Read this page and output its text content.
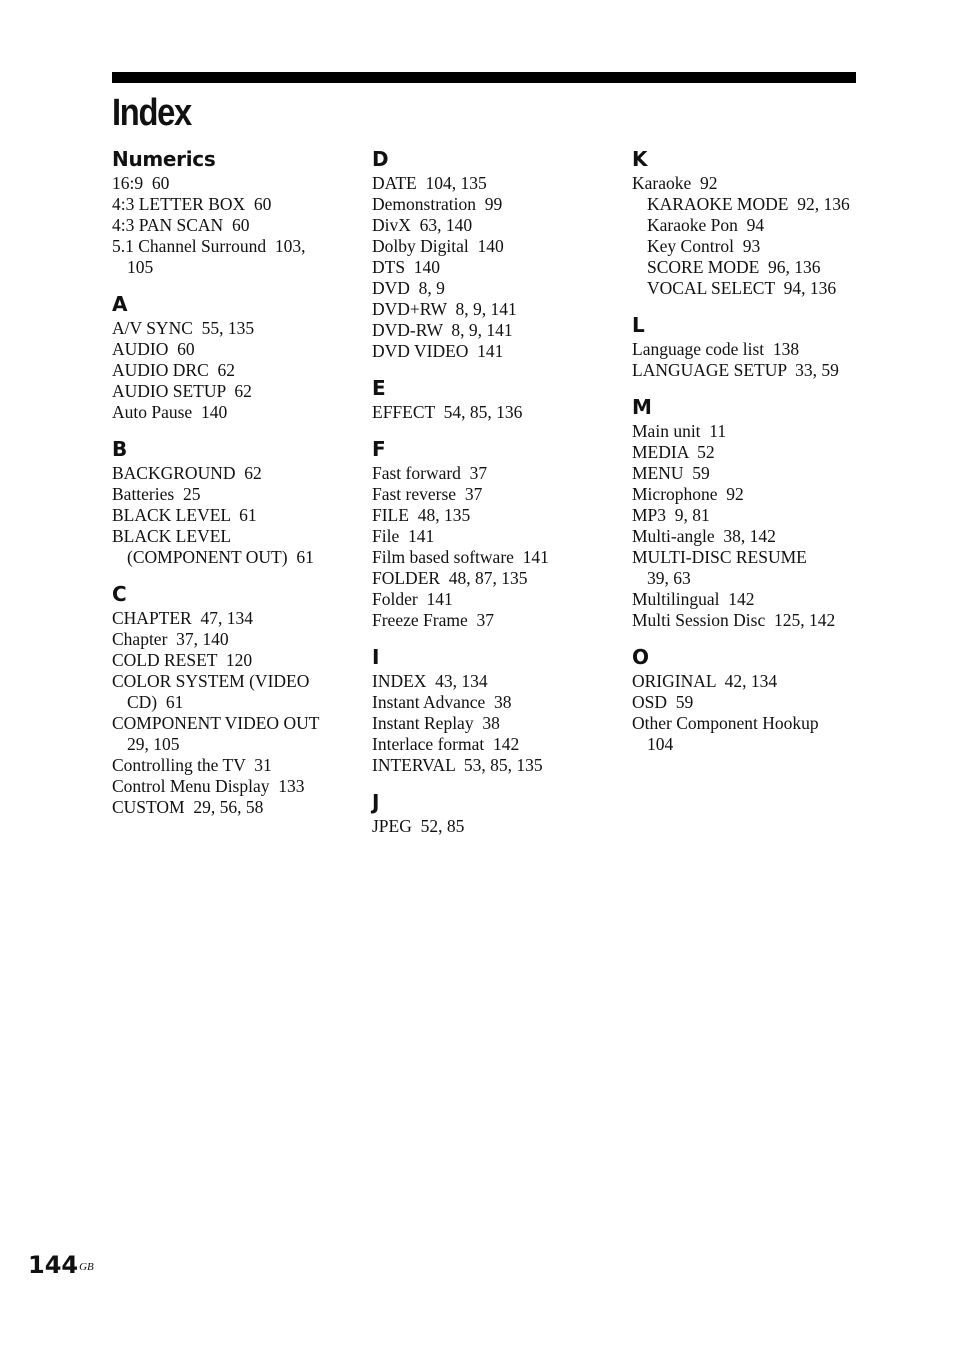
Index
Numerics
16:9  60
4:3 LETTER BOX  60
4:3 PAN SCAN  60
5.1 Channel Surround  103,
105
A
A/V SYNC  55, 135
AUDIO  60
AUDIO DRC  62
AUDIO SETUP  62
Auto Pause  140
B
BACKGROUND  62
Batteries  25
BLACK LEVEL  61
BLACK LEVEL
(COMPONENT OUT)  61
C
CHAPTER  47, 134
Chapter  37, 140
COLD RESET  120
COLOR SYSTEM (VIDEO
CD)  61
COMPONENT VIDEO OUT
29, 105
Controlling the TV  31
Control Menu Display  133
CUSTOM  29, 56, 58
D
DATE  104, 135
Demonstration  99
DivX  63, 140
Dolby Digital  140
DTS  140
DVD  8, 9
DVD+RW  8, 9, 141
DVD-RW  8, 9, 141
DVD VIDEO  141
E
EFFECT  54, 85, 136
F
Fast forward  37
Fast reverse  37
FILE  48, 135
File  141
Film based software  141
FOLDER  48, 87, 135
Folder  141
Freeze Frame  37
I
INDEX  43, 134
Instant Advance  38
Instant Replay  38
Interlace format  142
INTERVAL  53, 85, 135
J
JPEG  52, 85
K
Karaoke  92
KARAOKE MODE  92, 136
Karaoke Pon  94
Key Control  93
SCORE MODE  96, 136
VOCAL SELECT  94, 136
L
Language code list  138
LANGUAGE SETUP  33, 59
M
Main unit  11
MEDIA  52
MENU  59
Microphone  92
MP3  9, 81
Multi-angle  38, 142
MULTI-DISC RESUME
39, 63
Multilingual  142
Multi Session Disc  125, 142
O
ORIGINAL  42, 134
OSD  59
Other Component Hookup
104
$144^{GB}$
